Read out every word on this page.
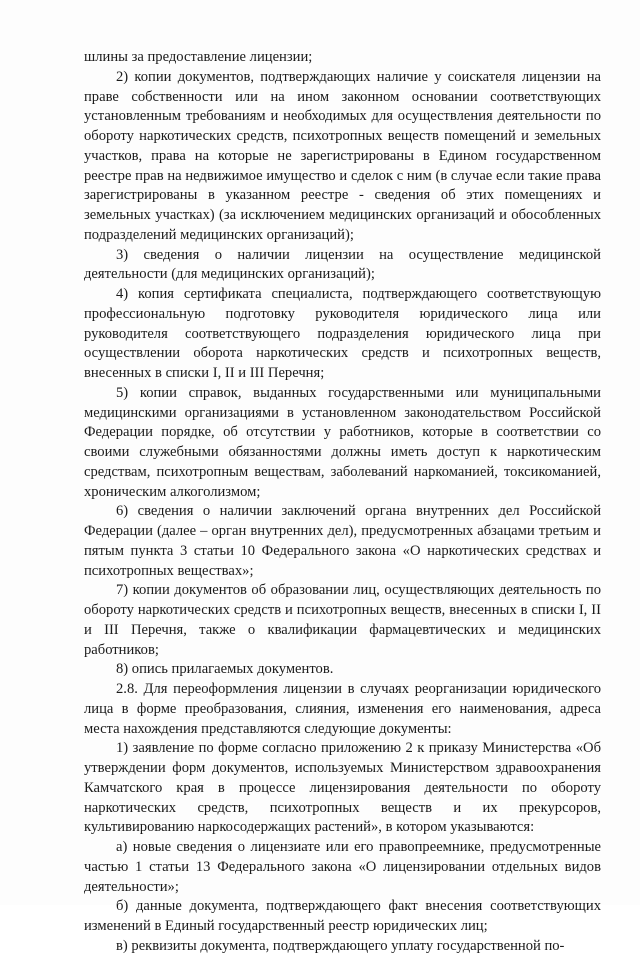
шлины за предоставление лицензии;

2) копии документов, подтверждающих наличие у соискателя лицензии на праве собственности или на ином законном основании соответствующих установленным требованиям и необходимых для осуществления деятельности по обороту наркотических средств, психотропных веществ помещений и земельных участков, права на которые не зарегистрированы в Едином государственном реестре прав на недвижимое имущество и сделок с ним (в случае если такие права зарегистрированы в указанном реестре - сведения об этих помещениях и земельных участках) (за исключением медицинских организаций и обособленных подразделений медицинских организаций);

3) сведения о наличии лицензии на осуществление медицинской деятельности (для медицинских организаций);

4) копия сертификата специалиста, подтверждающего соответствующую профессиональную подготовку руководителя юридического лица или руководителя соответствующего подразделения юридического лица при осуществлении оборота наркотических средств и психотропных веществ, внесенных в списки I, II и III Перечня;

5) копии справок, выданных государственными или муниципальными медицинскими организациями в установленном законодательством Российской Федерации порядке, об отсутствии у работников, которые в соответствии со своими служебными обязанностями должны иметь доступ к наркотическим средствам, психотропным веществам, заболеваний наркоманией, токсикоманией, хроническим алкоголизмом;

6) сведения о наличии заключений органа внутренних дел Российской Федерации (далее – орган внутренних дел), предусмотренных абзацами третьим и пятым пункта 3 статьи 10 Федерального закона «О наркотических средствах и психотропных веществах»;

7) копии документов об образовании лиц, осуществляющих деятельность по обороту наркотических средств и психотропных веществ, внесенных в списки I, II и III Перечня, также о квалификации фармацевтических и медицинских работников;

8) опись прилагаемых документов.

2.8. Для переоформления лицензии в случаях реорганизации юридического лица в форме преобразования, слияния, изменения его наименования, адреса места нахождения представляются следующие документы:

1) заявление по форме согласно приложению 2 к приказу Министерства «Об утверждении форм документов, используемых Министерством здравоохранения Камчатского края в процессе лицензирования деятельности по обороту наркотических средств, психотропных веществ и их прекурсоров, культивированию наркосодержащих растений», в котором указываются:

а) новые сведения о лицензиате или его правопреемнике, предусмотренные частью 1 статьи 13 Федерального закона «О лицензировании отдельных видов деятельности»;

б) данные документа, подтверждающего факт внесения соответствующих изменений в Единый государственный реестр юридических лиц;

в) реквизиты документа, подтверждающего уплату государственной по-
